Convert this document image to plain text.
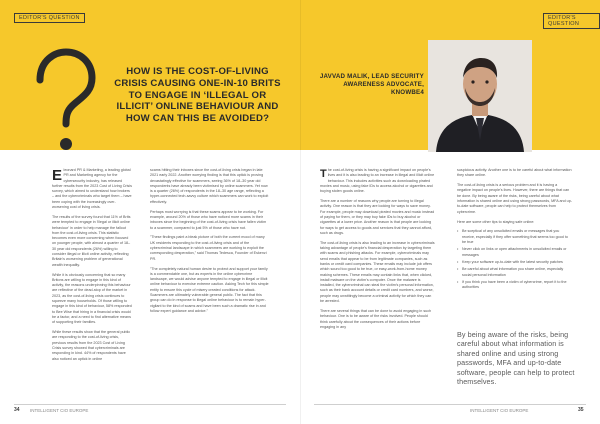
EDITOR'S QUESTION	EDITOR'S QUESTION
HOW IS THE COST-OF-LIVING CRISIS CAUSING ONE-IN-10 BRITS TO ENGAGE IN ‘ILLEGAL OR ILLICIT’ ONLINE BEHAVIOUR AND HOW CAN THIS BE AVOIDED?
JAVVAD MALIK, LEAD SECURITY AWARENESS ADVOCATE, KNOWBE4

E leonard PR & Marketing, a leading global PR and Marketing agency for the cybersecurity industry, has released further results from the 2023 Cost of Living Crisis survey, which aimed to understand how brokers – and the cybercriminals who target them – have been coping with the increasingly over-worsening cost of living crisis.

The results of the survey found that 11% of Brits were tempted to engage in 'illegal or illicit online behaviour' in order to help manage the fallout from the cost-of-living crisis. This statistic becomes even more concerning when focused on younger people, with almost a quarter of 18–30 year old respondents (26%) willing to consider illegal or illicit online activity, reflecting Britain's worsening problem of generational wealth inequality.

While it is obviously concerning that so many Britons are willing to engage in this kind of activity, the reasons underpinning this behaviour are reflective of the dead-stop of the market in 2023, as the cost-of-living crisis continues to squeeze many households. Of those willing to engage in this kind of behaviour, 58% responded to Bee Wise that hiring in a financial crisis would be a factor, and a need to find alternative means of supporting their families.

While these results show that the general public are responding to the cost-of-living crisis, previous results from the 2023 Cost of Living Crisis survey showed that cybercriminals are responding in kind. 44% of respondents have also noticed an uptick in online

scams hitting their inboxes since the cost-of-living crisis began in late 2021 early 2022. Another worrying finding is that this uptick is proving devastatingly effective for scammers, seeing 36% of 18–30 year old respondents have already been victimised by online scammers. Yet now is a quarter (26%) of respondents in the 18–30 age range, reflecting a hyper-connected tech-savvy culture which scammers can work to exploit effectively.

Perhaps most worrying is that these scams appear to be working. For example, around 20% of those who have noticed more scams in their inboxes since the beginning of the cost-of-living crisis have fallen victim to a scammer, compared to just 5% of those who have not.

"These findings paint a bleak picture of both the current mood of many UK residents responding to the cost-of-living crisis and of the cybercriminal landscape in which scammers are working to exploit the corresponding desperation," said Thomas Tedesca, Founder of Eskenzi PR.

"The completely natural human desire to protect and support your family is a commendable one, but as experts in the online cybercrime landscape, we would advise anyone tempted to engage in illegal or illicit online behaviour to exercise extreme caution. Asking Tech for this simple entity to ensure this cycle of misery created conditions for attack. Scammers are ultimately vulnerable general public. The fact that this group can do in response to illegal online behaviour is to remain hyper-vigilant to the kind of scams and have been such a dramatic rise in and follow expert guidance and advice."

T he cost-of-living crisis is having a significant impact on people's lives and it is also leading to an increase in illegal and illicit online behaviour. This includes activities such as downloading pirated movies and music, using fake IDs to access alcohol or cigarettes and buying stolen goods online.

There are a number of reasons why people are turning to illegal activity. One reason is that they are looking for ways to save money. For example, people may download pirated movies and music instead of paying for them, or they may buy fake IDs to buy alcohol or cigarettes at a lower price. Another reason is that people are looking for ways to get access to goods and services that they cannot afford, such as drugs.

The cost-of-living crisis is also leading to an increase in cybercriminals taking advantage of people's financial desperation by targeting them with scams and phishing attacks. For example, cybercriminals may send emails that appear to be from legitimate companies, such as banks or credit card companies. These emails may include job offers which sound too good to be true, or easy-work-from-home money making schemes. These emails may contain links that, when clicked, install malware on the victim's computer. Once the malware is installed, the cybercriminal can steal the victim's personal information, such as their bank account details or credit card numbers, and worse, people may unwittingly become a criminal activity for which they can be arrested.

There are several things that can be done to avoid engaging in such behaviour. One is to be aware of the risks involved. People should think carefully about the consequences of their actions before engaging in any

suspicious activity. Another one is to be careful about what information they share online.

The cost-of-living crisis is a serious problem and it is having a negative impact on people's lives. However, there are things that can be done. By being aware of the risks, being careful about what information is shared online and using strong passwords, MFA and up-to-date software, people can help to protect themselves from cybercrime.

Here are some other tips to staying safe online:

• Be sceptical of any unsolicited emails or messages that you receive, especially if they offer something that seems too good to be true
• Never click on links or open attachments in unsolicited emails or messages
• Keep your software up-to-date with the latest security patches
• Be careful about what information you share online, especially social personal information
• If you think you have been a victim of cybercrime, report it to the authorities
By being aware of the risks, being careful about what information is shared online and using strong passwords, MFA and up-to-date software, people can help to protect themselves.
34 INTELLIGENT CIO EUROPE	INTELLIGENT CIO EUROPE	35
